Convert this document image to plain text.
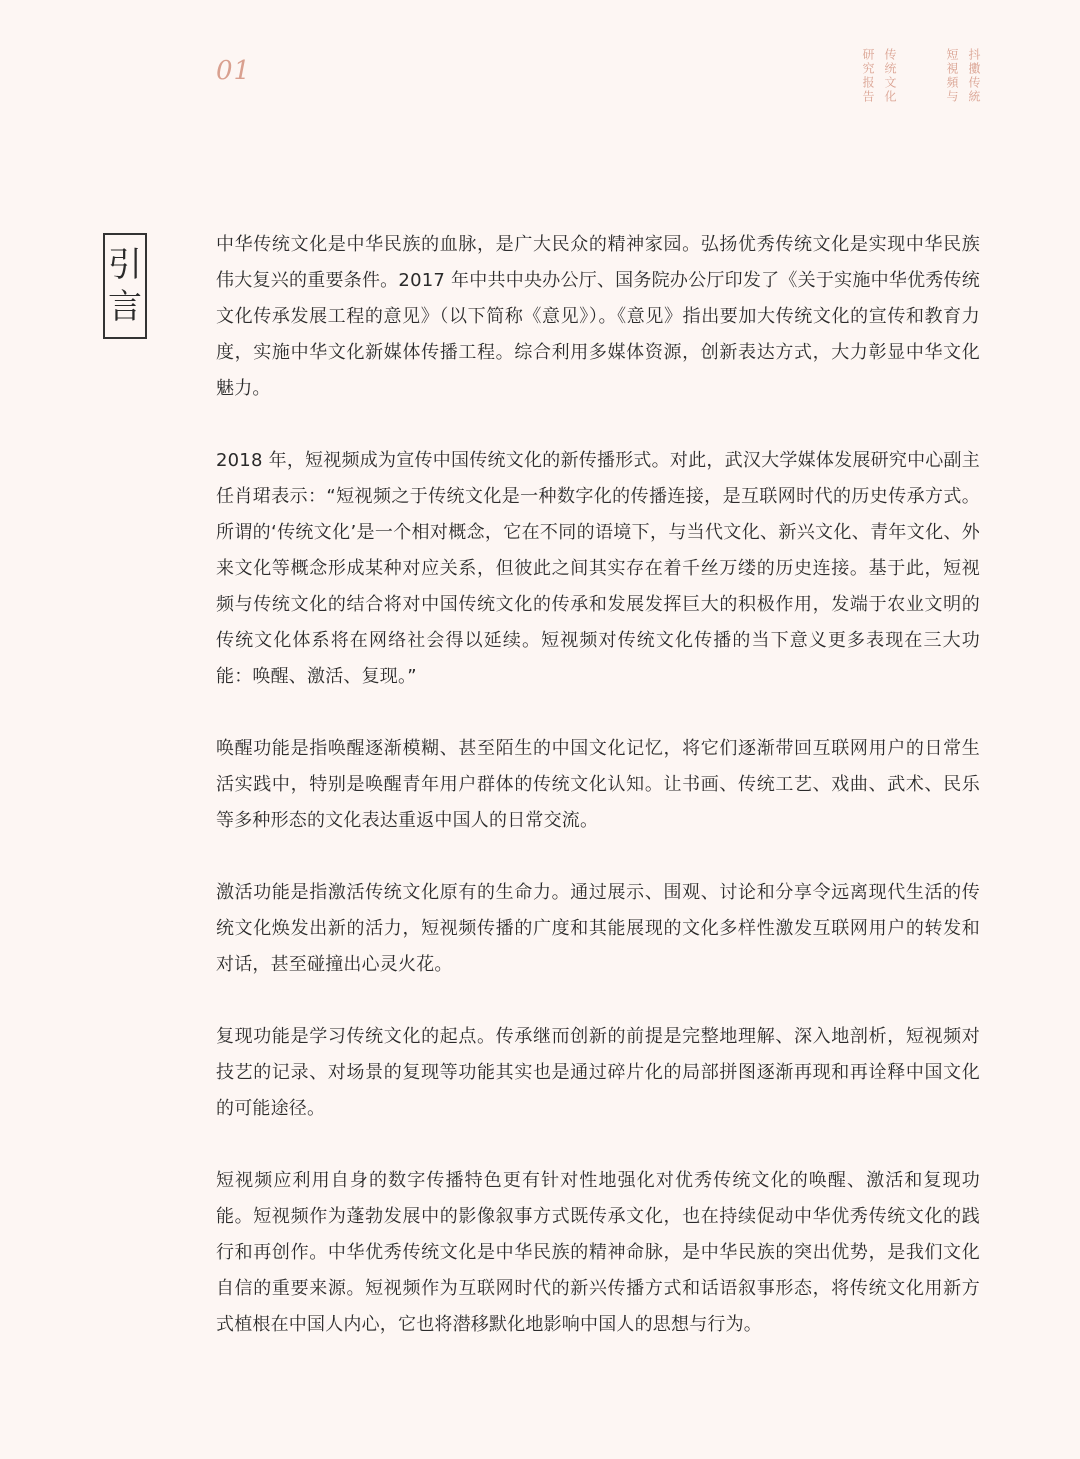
01	抖擻传統
短視頻与
传统文化
研究报告
引
言

中华传统文化是中华民族的血脉，是广大民众的精神家园。弘扬优秀传统文化是实现中华民族伟大复兴的重要条件。2017 年中共中央办公厅、国务院办公厅印发了《关于实施中华优秀传统文化传承发展工程的意见》（以下简称《意见》）。《意见》指出要加大传统文化的宣传和教育力度，实施中华文化新媒体传播工程。综合利用多媒体资源，创新表达方式，大力彰显中华文化魅力。

2018 年，短视频成为宣传中国传统文化的新传播形式。对此，武汉大学媒体发展研究中心副主任肖珺表示：“短视频之于传统文化是一种数字化的传播连接，是互联网时代的历史传承方式。所谓的‘传统文化’是一个相对概念，它在不同的语境下，与当代文化、新兴文化、青年文化、外来文化等概念形成某种对应关系，但彼此之间其实存在着千丝万缕的历史连接。基于此，短视频与传统文化的结合将对中国传统文化的传承和发展发挥巨大的积极作用，发端于农业文明的传统文化体系将在网络社会得以延续。短视频对传统文化传播的当下意义更多表现在三大功能：唤醒、激活、复现。”

唤醒功能是指唤醒逐渐模糊、甚至陌生的中国文化记忆，将它们逐渐带回互联网用户的日常生活实践中，特别是唤醒青年用户群体的传统文化认知。让书画、传统工艺、戏曲、武术、民乐等多种形态的文化表达重返中国人的日常交流。

激活功能是指激活传统文化原有的生命力。通过展示、围观、讨论和分享令远离现代生活的传统文化焕发出新的活力，短视频传播的广度和其能展现的文化多样性激发互联网用户的转发和对话，甚至碰撞出心灵火花。

复现功能是学习传统文化的起点。传承继而创新的前提是完整地理解、深入地剖析，短视频对技艺的记录、对场景的复现等功能其实也是通过碎片化的局部拼图逐渐再现和再诠释中国文化的可能途径。

短视频应利用自身的数字传播特色更有针对性地强化对优秀传统文化的唤醒、激活和复现功能。短视频作为蓬勃发展中的影像叙事方式既传承文化，也在持续促动中华优秀传统文化的践行和再创作。中华优秀传统文化是中华民族的精神命脉，是中华民族的突出优势，是我们文化自信的重要来源。短视频作为互联网时代的新兴传播方式和话语叙事形态，将传统文化用新方式植根在中国人内心，它也将潜移默化地影响中国人的思想与行为。
